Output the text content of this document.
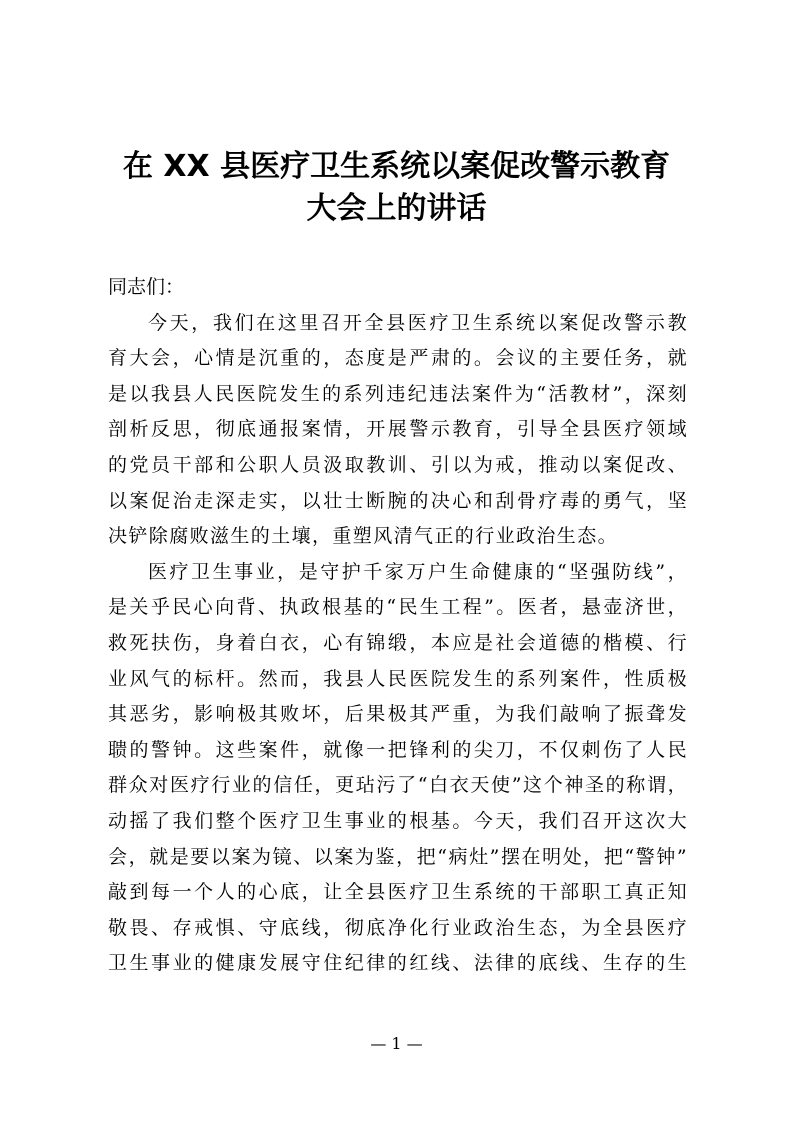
在 XX 县医疗卫生系统以案促改警示教育
大会上的讲话

同志们：

今天，我们在这里召开全县医疗卫生系统以案促改警示教
育大会，心情是沉重的，态度是严肃的。会议的主要任务，就
是以我县人民医院发生的系列违纪违法案件为“活教材”，深刻
剖析反思，彻底通报案情，开展警示教育，引导全县医疗领域
的党员干部和公职人员汲取教训、引以为戒，推动以案促改、
以案促治走深走实，以壮士断腕的决心和刮骨疗毒的勇气，坚
决铲除腐败滋生的土壤，重塑风清气正的行业政治生态。

医疗卫生事业，是守护千家万户生命健康的“坚强防线”，
是关乎民心向背、执政根基的“民生工程”。医者，悬壶济世，
救死扶伤，身着白衣，心有锦缎，本应是社会道德的楷模、行
业风气的标杆。然而，我县人民医院发生的系列案件，性质极
其恶劣，影响极其败坏，后果极其严重，为我们敲响了振聋发
聩的警钟。这些案件，就像一把锋利的尖刀，不仅刺伤了人民
群众对医疗行业的信任，更玷污了“白衣天使”这个神圣的称谓，
动摇了我们整个医疗卫生事业的根基。今天，我们召开这次大
会，就是要以案为镜、以案为鉴，把“病灶”摆在明处，把“警钟”
敲到每一个人的心底，让全县医疗卫生系统的干部职工真正知
敬畏、存戒惧、守底线，彻底净化行业政治生态，为全县医疗
卫生事业的健康发展守住纪律的红线、法律的底线、生存的生

— 1 —
